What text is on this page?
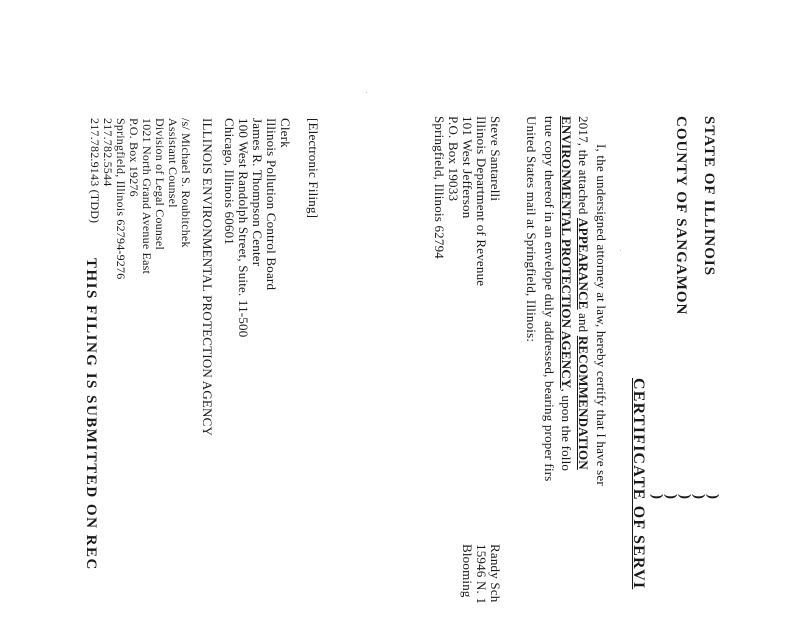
STATE OF ILLINOIS
COUNTY OF SANGAMON
)
)
)
)
)
CERTIFICATE OF SERVI
I, the undersigned attorney at law, hereby certify that I have ser
2017, the attached APPEARANCE and RECOMMENDATION
ENVIRONMENTAL PROTECTION AGENCY, upon the follo
true copy thereof in an envelope duly addressed, bearing proper firs
United States mail at Springfield, Illinois:
Steve Santarelli
Illinois Department of Revenue
101 West Jefferson
P.O. Box 19033
Springfield, Illinois 62794
Randy Sch
15946 N. 1
Blooming
[Electronic Filing]
Clerk
Illinois Pollution Control Board
James R. Thompson Center
100 West Randolph Street, Suite. 11-500
Chicago, Illinois 60601
ILLINOIS ENVIRONMENTAL PROTECTION AGENCY
/s/ Michael S. Roubitchek
Assistant Counsel
Division of Legal Counsel
1021 North Grand Avenue East
P.O. Box 19276
Springfield, Illinois 62794-9276
217.782.5544
217.782.9143 (TDD)
THIS FILING IS SUBMITTED ON REC
